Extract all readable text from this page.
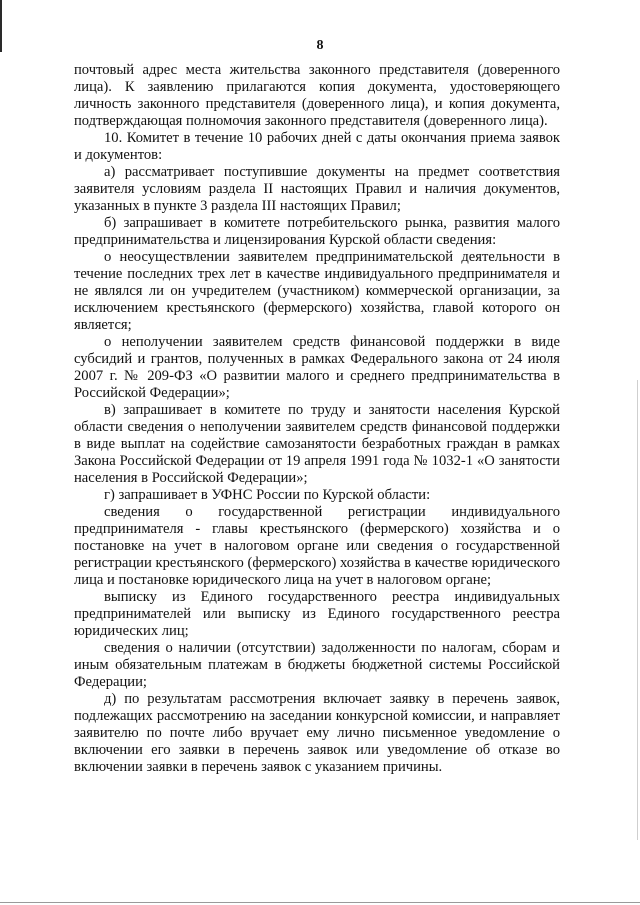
8

почтовый адрес места жительства законного представителя (доверенного лица). К заявлению прилагаются копия документа, удостоверяющего личность законного представителя (доверенного лица), и копия документа, подтверждающая полномочия законного представителя (доверенного лица).

10. Комитет в течение 10 рабочих дней с даты окончания приема заявок и документов:

а) рассматривает поступившие документы на предмет соответствия заявителя условиям раздела II настоящих Правил и наличия документов, указанных в пункте 3 раздела III настоящих Правил;

б) запрашивает в комитете потребительского рынка, развития малого предпринимательства и лицензирования Курской области сведения:

о неосуществлении заявителем предпринимательской деятельности в течение последних трех лет в качестве индивидуального предпринимателя и не являлся ли он учредителем (участником) коммерческой организации, за исключением крестьянского (фермерского) хозяйства, главой которого он является;

о неполучении заявителем средств финансовой поддержки в виде субсидий и грантов, полученных в рамках Федерального закона от 24 июля 2007 г. № 209-ФЗ «О развитии малого и среднего предпринимательства в Российской Федерации»;

в) запрашивает в комитете по труду и занятости населения Курской области сведения о неполучении заявителем средств финансовой поддержки в виде выплат на содействие самозанятости безработных граждан в рамках Закона Российской Федерации от 19 апреля 1991 года № 1032-1 «О занятости населения в Российской Федерации»;

г) запрашивает в УФНС России по Курской области:

сведения о государственной регистрации индивидуального предпринимателя - главы крестьянского (фермерского) хозяйства и о постановке на учет в налоговом органе или сведения о государственной регистрации крестьянского (фермерского) хозяйства в качестве юридического лица и постановке юридического лица на учет в налоговом органе;

выписку из Единого государственного реестра индивидуальных предпринимателей или выписку из Единого государственного реестра юридических лиц;

сведения о наличии (отсутствии) задолженности по налогам, сборам и иным обязательным платежам в бюджеты бюджетной системы Российской Федерации;

д) по результатам рассмотрения включает заявку в перечень заявок, подлежащих рассмотрению на заседании конкурсной комиссии, и направляет заявителю по почте либо вручает ему лично письменное уведомление о включении его заявки в перечень заявок или уведомление об отказе во включении заявки в перечень заявок с указанием причины.
